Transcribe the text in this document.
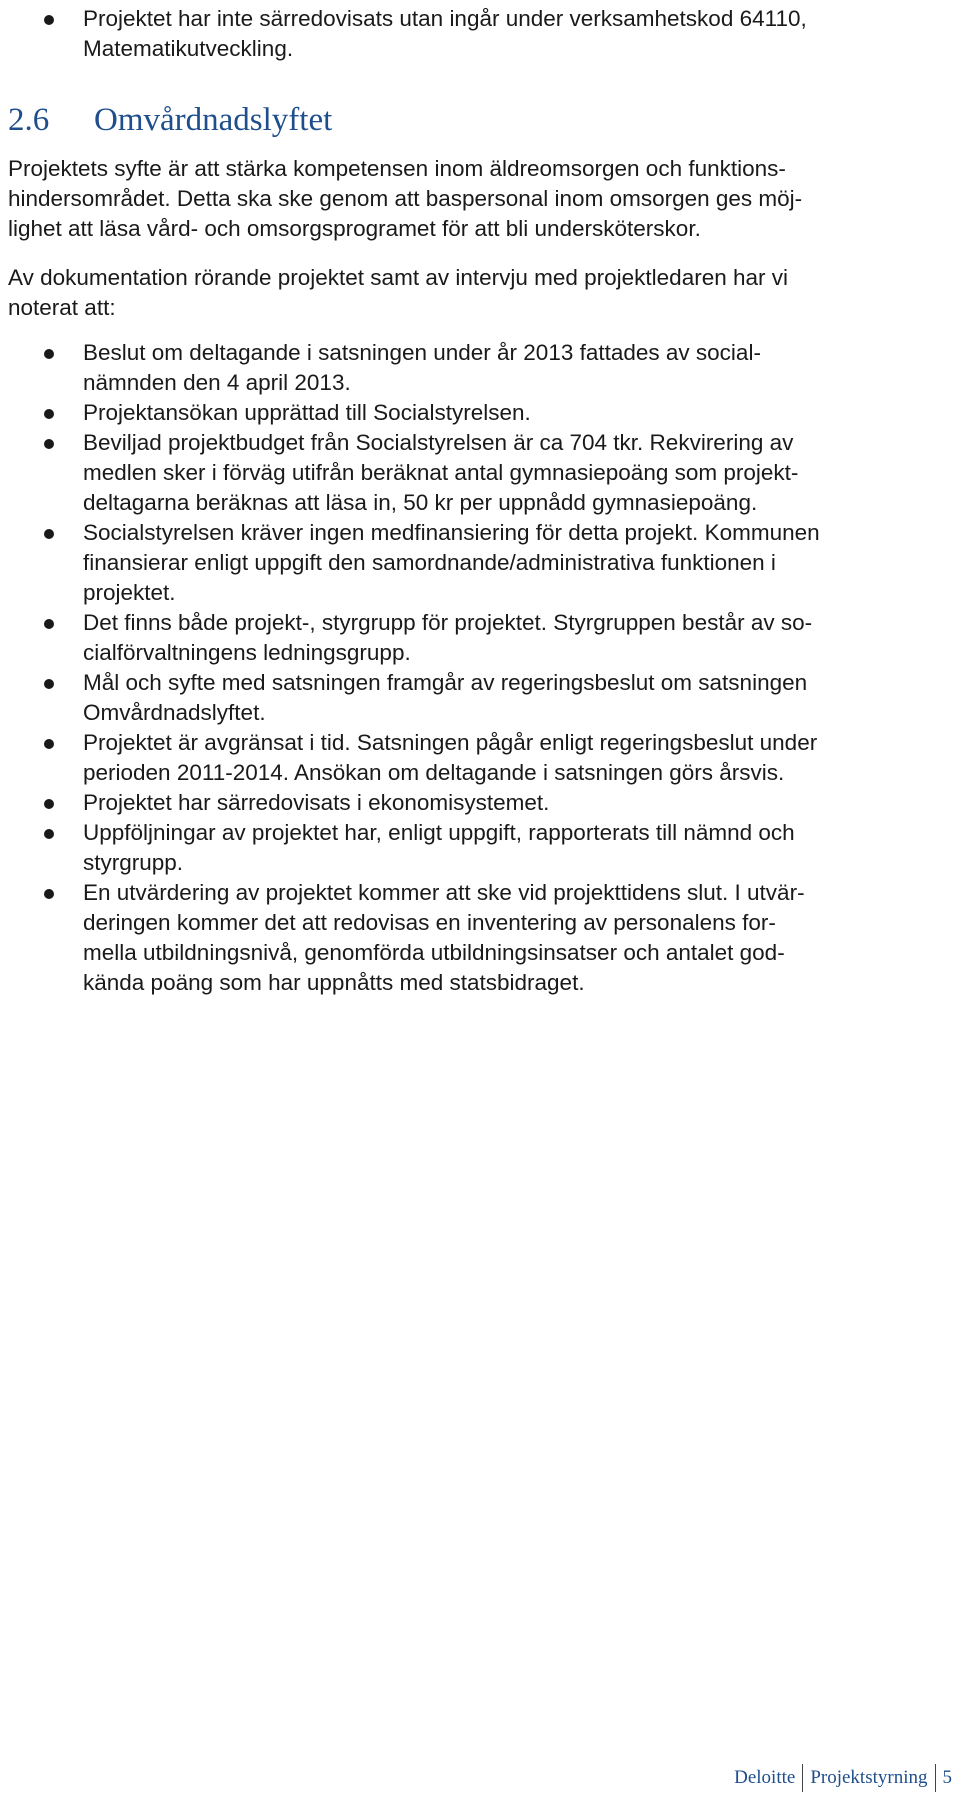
Projektet har inte särredovisats utan ingår under verksamhetskod 64110,
Matematikutveckling.
2.6 Omvårdnadslyftet
Projektets syfte är att stärka kompetensen inom äldreomsorgen och funktions-
hindersområdet. Detta ska ske genom att baspersonal inom omsorgen ges möj-
lighet att läsa vård- och omsorgsprogramet för att bli undersköterskor.
Av dokumentation rörande projektet samt av intervju med projektledaren har vi
noterat att:
Beslut om deltagande i satsningen under år 2013 fattades av social-
nämnden den 4 april 2013.
Projektansökan upprättad till Socialstyrelsen.
Beviljad projektbudget från Socialstyrelsen är ca 704 tkr. Rekvirering av
medlen sker i förväg utifrån beräknat antal gymnasiepoäng som projekt-
deltagarna beräknas att läsa in, 50 kr per uppnådd gymnasiepoäng.
Socialstyrelsen kräver ingen medfinansiering för detta projekt. Kommunen
finansierar enligt uppgift den samordnande/administrativa funktionen i
projektet.
Det finns både projekt-, styrgrupp för projektet. Styrgruppen består av so-
cialförvaltningens ledningsgrupp.
Mål och syfte med satsningen framgår av regeringsbeslut om satsningen
Omvårdnadslyftet.
Projektet är avgränsat i tid. Satsningen pågår enligt regeringsbeslut under
perioden 2011-2014. Ansökan om deltagande i satsningen görs årsvis.
Projektet har särredovisats i ekonomisystemet.
Uppföljningar av projektet har, enligt uppgift, rapporterats till nämnd och
styrgrupp.
En utvärdering av projektet kommer att ske vid projekttidens slut. I utvär-
deringen kommer det att redovisas en inventering av personalens for-
mella utbildningsnivå, genomförda utbildningsinsatser och antalet god-
kända poäng som har uppnåtts med statsbidraget.
Deloitte Projektstyrning 5
